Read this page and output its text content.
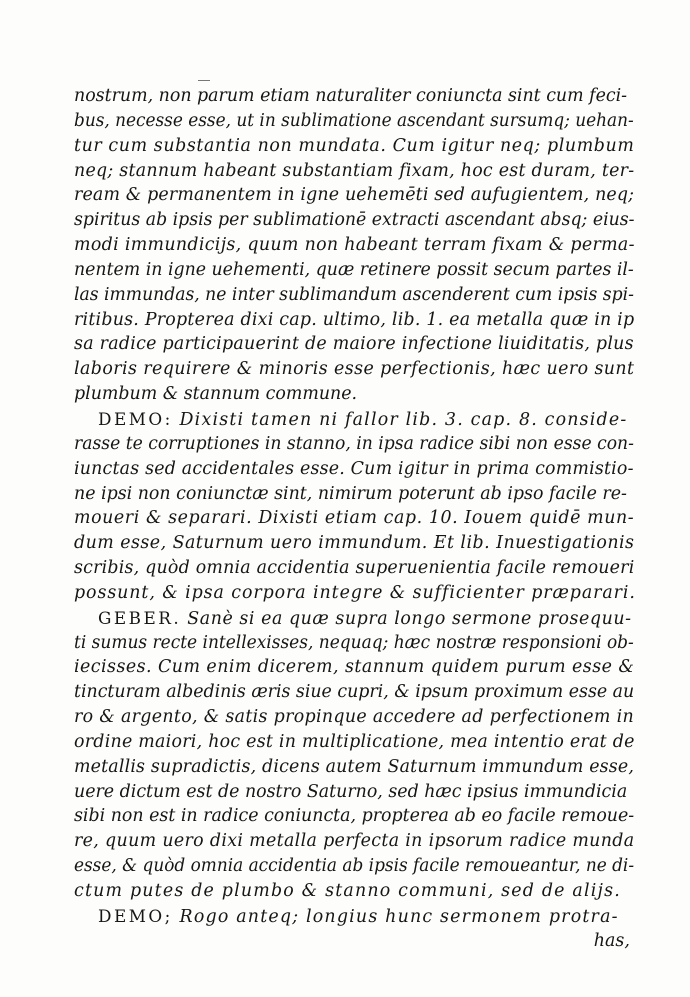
nostrum, non parum etiam naturaliter coniuncta sint cum feci-
bus, necesse esse, ut in sublimatione ascendant sursumq; uehan-
tur cum substantia non mundata. Cum igitur neq; plumbum
neq; stannum habeant substantiam fixam, hoc est duram, ter-
ream & permanentem in igne uehemēti sed aufugientem, neq;
spiritus ab ipsis per sublimationē extracti ascendant absq; eius-
modi immundicijs, quum non habeant terram fixam & perma-
nentem in igne uehementi, quæ retinere possit secum partes il-
las immundas, ne inter sublimandum ascenderent cum ipsis spi-
ritibus. Propterea dixi cap. ultimo, lib. 1. ea metalla quæ in ip
sa radice participauerint de maiore infectione liuiditatis, plus
laboris requirere & minoris esse perfectionis, hæc uero sunt
plumbum & stannum commune.
DEMO: Dixisti tamen ni fallor lib. 3. cap. 8. conside-
rasse te corruptiones in stanno, in ipsa radice sibi non esse con-
iunctas sed accidentales esse. Cum igitur in prima commistio-
ne ipsi non coniunctæ sint, nimirum poterunt ab ipso facile re-
moueri & separari. Dixisti etiam cap. 10. Iouem quidē mun-
dum esse, Saturnum uero immundum. Et lib. Inuestigationis
scribis, quòd omnia accidentia superuenientia facile remoueri
possunt, & ipsa corpora integre & sufficienter præparari.
GEBER. Sanè si ea quæ supra longo sermone prosequu-
ti sumus recte intellexisses, nequaq; hæc nostræ responsioni ob-
iecisses. Cum enim dicerem, stannum quidem purum esse &
tincturam albedinis æris siue cupri, & ipsum proximum esse au
ro & argento, & satis propinque accedere ad perfectionem in
ordine maiori, hoc est in multiplicatione, mea intentio erat de
metallis supradictis, dicens autem Saturnum immundum esse,
uere dictum est de nostro Saturno, sed hæc ipsius immundicia
sibi non est in radice coniuncta, propterea ab eo facile remoue-
re, quum uero dixi metalla perfecta in ipsorum radice munda
esse, & quòd omnia accidentia ab ipsis facile remoueantur, ne di-
ctum putes de plumbo & stanno communi, sed de alijs.
DEMO; Rogo anteq; longius hunc sermonem protra-
has,
